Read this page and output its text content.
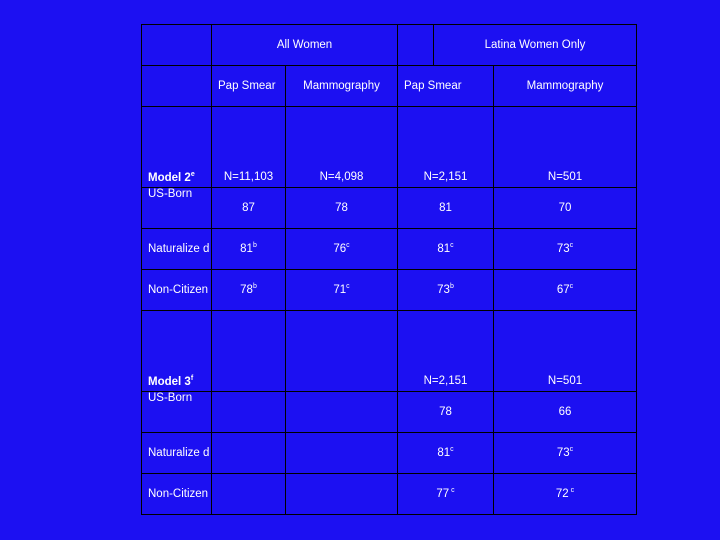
	All Women			Latina Women Only	
	Pap Smear	Mammography	Pap Smear		Mammography
Model 2e	N=11,103	N=4,098	N=2,151		N=501
US-Born	87	78	81		70
Naturalize d	81$^b$	76$^c$	81$^c$		73$^c$
Non-Citizen	78$^b$	71$^c$	73$^b$		67$^c$
Model 3$^f$			N=2,151		N=501
US-Born			78		66
Naturalize d			81$^c$		73$^c$
Non-Citizen			77 $^c$		72 $^c$
